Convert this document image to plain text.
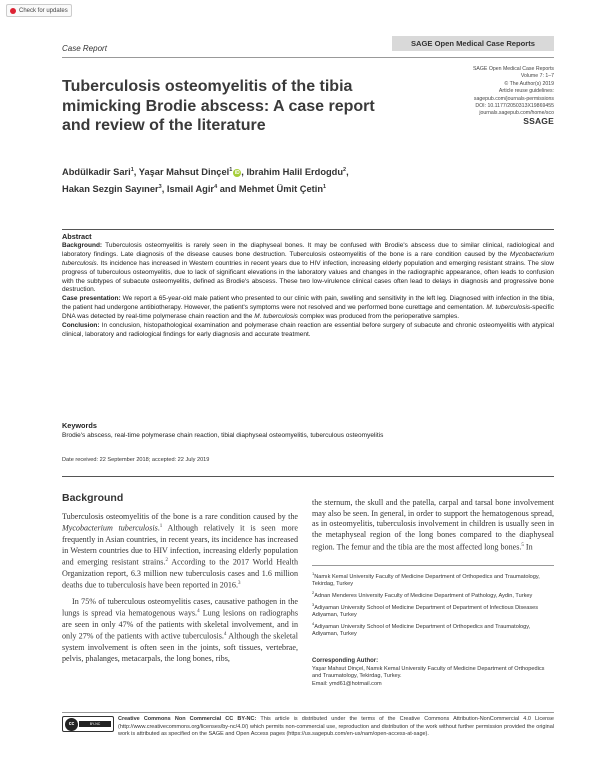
Check for updates
Case Report
SAGE Open Medical Case Reports
SAGE Open Medical Case Reports
Volume 7: 1–7
© The Author(s) 2019
Article reuse guidelines:
sagepub.com/journals-permissions
DOI: 10.1177/2050313X19869455
journals.sagepub.com/home/sco
SSAGE
Tuberculosis osteomyelitis of the tibia mimicking Brodie abscess: A case report and review of the literature
Abdülkadir Sari$^1$, Yaşar Mahsut Dinçel$^1$iD , Ibrahim Halil Erdogdu$^2$,
Hakan Sezgin Sayıner$^3$, Ismail Agir$^4$ and Mehmet Ümit Çetin$^1$
Abstract

Background: Tuberculosis osteomyelitis is rarely seen in the diaphyseal bones. It may be confused with Brodie's abscess due to similar clinical, radiological and laboratory findings. Late diagnosis of the disease causes bone destruction. Tuberculosis osteomyelitis of the bone is a rare condition caused by the Mycobacterium tuberculosis. Its incidence has increased in Western countries in recent years due to HIV infection, increasing elderly population and emerging resistant strains. The slow progress of tuberculous osteomyelitis, due to lack of significant elevations in the laboratory values and changes in the radiographic appearance, often leads to confusion with the subtypes of subacute osteomyelitis, defined as Brodie's abscess. These two low-virulence clinical cases often lead to delays in diagnosis and progressive bone destruction.

Case presentation: We report a 65-year-old male patient who presented to our clinic with pain, swelling and sensitivity in the left leg. Diagnosed with infection in the tibia, the patient had undergone antibiotherapy. However, the patient's symptoms were not resolved and we performed bone curettage and cementation. M. tuberculosis-specific DNA was detected by real-time polymerase chain reaction and the M. tuberculosis complex was produced from the perioperative samples.

Conclusion: In conclusion, histopathological examination and polymerase chain reaction are essential before surgery of subacute and chronic osteomyelitis with atypical clinical, laboratory and radiological findings for early diagnosis and accurate treatment.

Keywords
Brodie's abscess, real-time polymerase chain reaction, tibial diaphyseal osteomyelitis, tuberculous osteomyelitis
Date received: 22 September 2018; accepted: 22 July 2019
Background

Tuberculosis osteomyelitis of the bone is a rare condition caused by the Mycobacterium tuberculosis.$^1$ Although relatively it is seen more frequently in Asian countries, in recent years, its incidence has increased in Western countries due to HIV infection, increasing elderly population and emerging resistant strains.$^2$ According to the 2017 World Health Organization report, 6.3 million new tuberculosis cases and 1.6 million deaths due to tuberculosis have been reported in 2016.$^3$

In 75% of tuberculous osteomyelitis cases, causative pathogen in the lungs is spread via hematogenous ways.$^4$ Lung lesions on radiographs are seen in only 47% of the patients with skeletal involvement, and in only 27% of the patients with active tuberculosis.$^4$ Although the skeletal system involvement is often seen in the joints, soft tissues, vertebrae, pelvis, phalanges, metacarpals, the long bones, ribs,

the sternum, the skull and the patella, carpal and tarsal bone involvement may also be seen. In general, in order to support the hematogenous spread, as in osteomyelitis, tuberculosis involvement in children is usually seen in the metaphyseal region of the long bones compared to the diaphyseal region. The femur and the tibia are the most affected long bones.$^5$ In
$^1$Namık Kemal University Faculty of Medicine Department of Orthopedics and Traumatology, Tekirdag, Turkey
$^2$Adnan Menderes University Faculty of Medicine Department of Pathology, Aydin, Turkey
$^3$Adiyaman University School of Medicine Department of Department of Infectious Diseases Adiyaman, Turkey
$^4$Adiyaman University School of Medicine Department of Orthopedics and Traumatology, Adiyaman, Turkey
Corresponding Author:
Yaşar Mahsut Dinçel, Namık Kemal University Faculty of Medicine Department of Orthopedics and Traumatology, Tekirdag, Turkey.
Email: ymd61@hotmail.com
cc	BY-NC
Creative Commons Non Commercial CC BY-NC: This article is distributed under the terms of the Creative Commons Attribution-NonCommercial 4.0 License (http://www.creativecommons.org/licenses/by-nc/4.0/) which permits non-commercial use, reproduction and distribution of the work without further permission provided the original work is attributed as specified on the SAGE and Open Access pages (https://us.sagepub.com/en-us/nam/open-access-at-sage).
